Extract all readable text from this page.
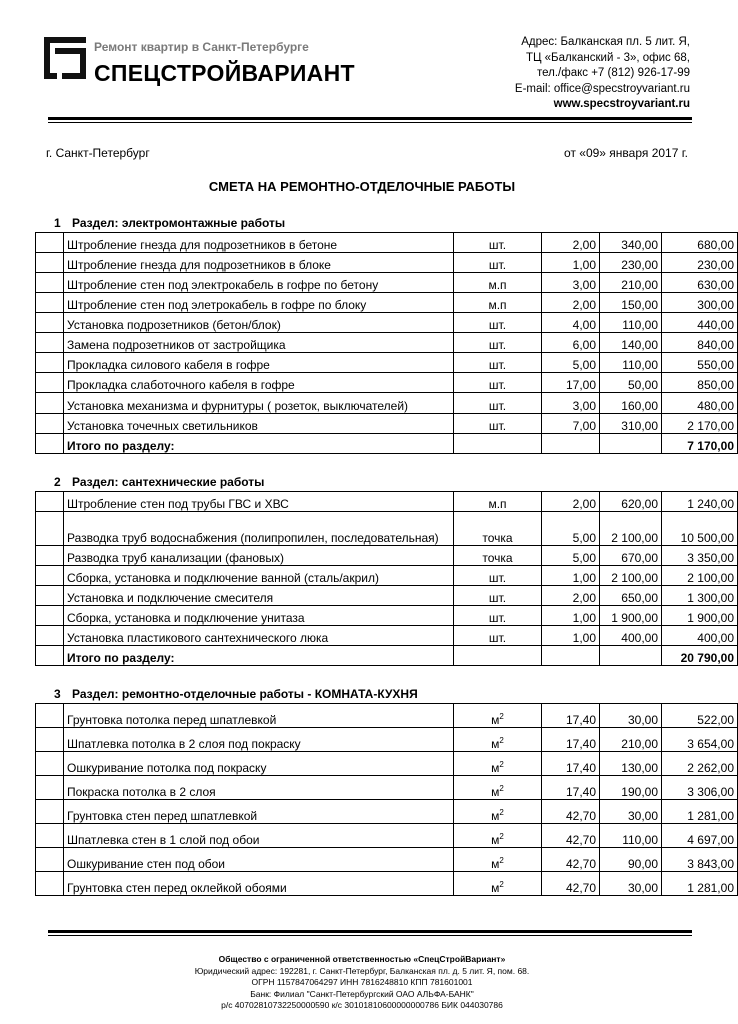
Ремонт квартир в Санкт-Петербурге
СПЕЦСТРОЙВАРИАНТ
Адрес: Балканская пл. 5 лит. Я,
ТЦ «Балканский - 3», офис 68,
тел./факс +7 (812) 926-17-99
E-mail: office@specstroyvariant.ru
www.specstroyvariant.ru
г. Санкт-Петербург	от «09» января 2017 г.
СМЕТА НА РЕМОНТНО-ОТДЕЛОЧНЫЕ РАБОТЫ
1 Раздел: электромонтажные работы
	Штробление гнезда для подрозетников в бетоне	шт.	2,00	340,00	680,00
	Штробление гнезда для подрозетников в блоке	шт.	1,00	230,00	230,00
	Штробление стен под электрокабель в гофре по бетону	м.п	3,00	210,00	630,00
	Штробление стен под элетрокабель в гофре по блоку	м.п	2,00	150,00	300,00
	Установка подрозетников (бетон/блок)	шт.	4,00	110,00	440,00
	Замена подрозетников от застройщика	шт.	6,00	140,00	840,00
	Прокладка силового кабеля в гофре	шт.	5,00	110,00	550,00
	Прокладка слаботочного кабеля в гофре	шт.	17,00	50,00	850,00
	Установка механизма и фурнитуры ( розеток, выключателей)	шт.	3,00	160,00	480,00
	Установка точечных светильников	шт.	7,00	310,00	2 170,00
	Итого по разделу:				7 170,00
2 Раздел: сантехнические работы
	Штробление стен под трубы ГВС и ХВС	м.п	2,00	620,00	1 240,00
	Разводка труб водоснабжения (полипропилен, последовательная)	точка	5,00	2 100,00	10 500,00
	Разводка труб канализации (фановых)	точка	5,00	670,00	3 350,00
	Сборка, установка и подключение ванной (сталь/акрил)	шт.	1,00	2 100,00	2 100,00
	Установка и подключение смесителя	шт.	2,00	650,00	1 300,00
	Сборка, установка и подключение унитаза	шт.	1,00	1 900,00	1 900,00
	Установка пластикового сантехнического люка	шт.	1,00	400,00	400,00
	Итого по разделу:				20 790,00
3 Раздел: ремонтно-отделочные работы - КОМНАТА-КУХНЯ
	Грунтовка потолка перед шпатлевкой	$м^2$	17,40	30,00	522,00
	Шпатлевка потолка в 2 слоя под покраску	$м^2$	17,40	210,00	3 654,00
	Ошкуривание потолка под покраску	$м^2$	17,40	130,00	2 262,00
	Покраска потолка в 2 слоя	$м^2$	17,40	190,00	3 306,00
	Грунтовка стен перед шпатлевкой	$м^2$	42,70	30,00	1 281,00
	Шпатлевка стен в 1 слой под обои	$м^2$	42,70	110,00	4 697,00
	Ошкуривание стен под обои	$м^2$	42,70	90,00	3 843,00
	Грунтовка стен перед оклейкой обоями	$м^2$	42,70	30,00	1 281,00
Общество с ограниченной ответственностью «СпецСтройВариант»
Юридический адрес: 192281, г. Санкт-Петербург, Балканская пл. д. 5 лит. Я, пом. 68.
ОГРН 1157847064297 ИНН 7816248810 КПП 781601001
Банк: Филиал "Санкт-Петербургский ОАО АЛЬФА-БАНК"
р/с 40702810732250000590 к/с 30101810600000000786 БИК 044030786
